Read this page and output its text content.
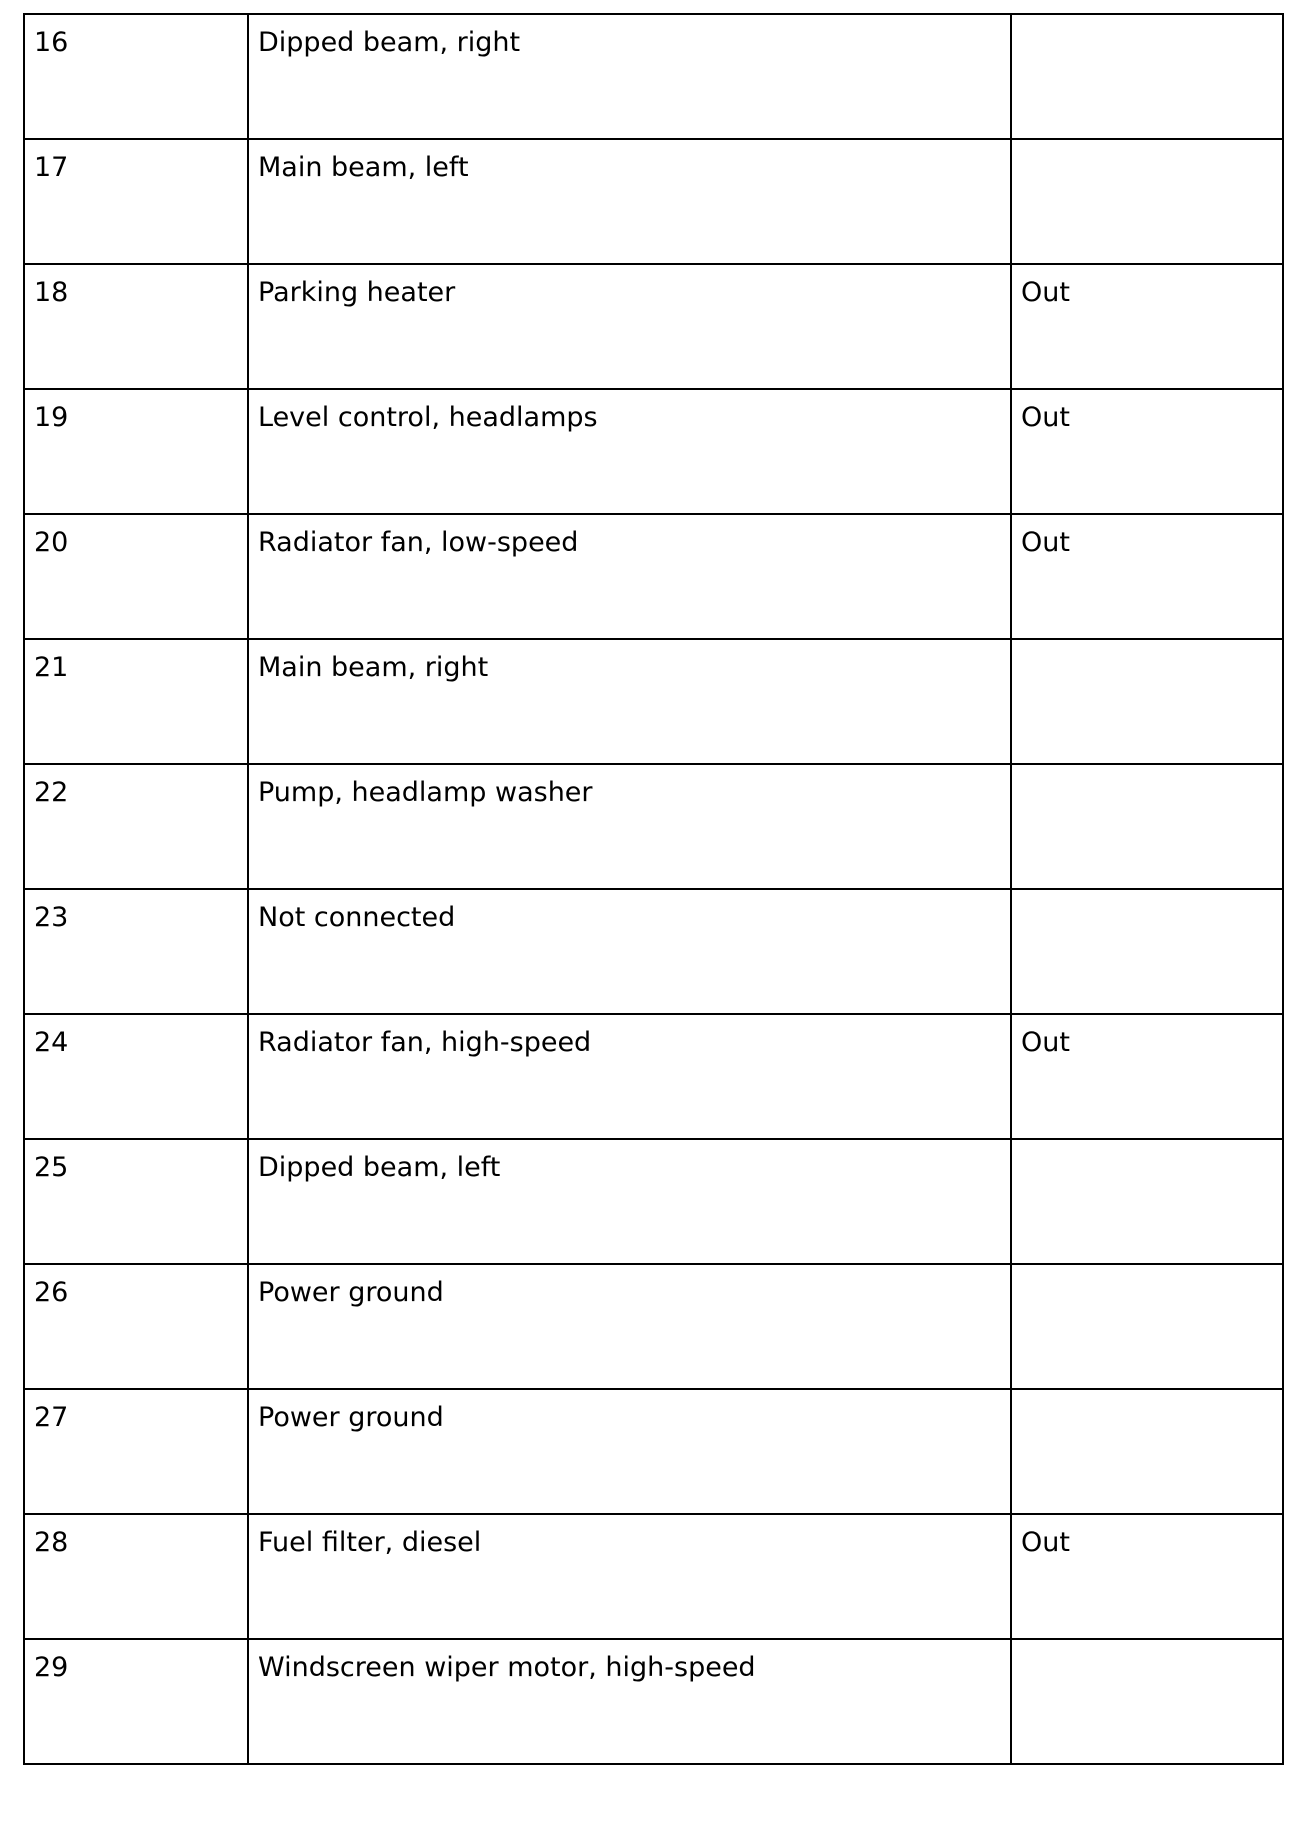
16	Dipped beam, right	
17	Main beam, left	
18	Parking heater	Out
19	Level control, headlamps	Out
20	Radiator fan, low-speed	Out
21	Main beam, right	
22	Pump, headlamp washer	
23	Not connected	
24	Radiator fan, high-speed	Out
25	Dipped beam, left	
26	Power ground	
27	Power ground	
28	Fuel filter, diesel	Out
29	Windscreen wiper motor, high-speed	
